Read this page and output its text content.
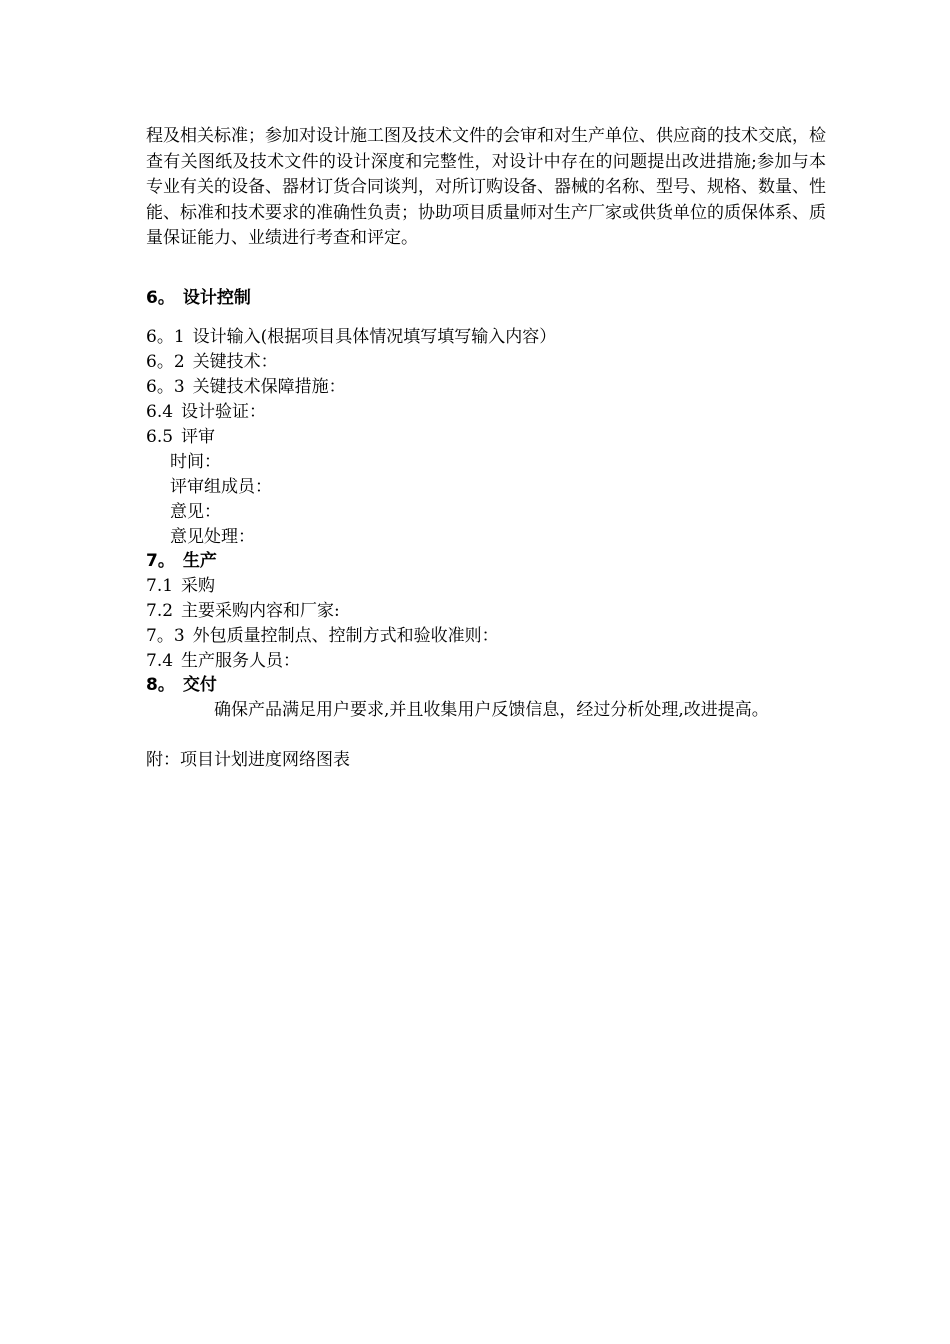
程及相关标准；参加对设计施工图及技术文件的会审和对生产单位、供应商的技术交底，检查有关图纸及技术文件的设计深度和完整性，对设计中存在的问题提出改进措施;参加与本专业有关的设备、器材订货合同谈判，对所订购设备、器械的名称、型号、规格、数量、性能、标准和技术要求的准确性负责；协助项目质量师对生产厂家或供货单位的质保体系、质量保证能力、业绩进行考查和评定。
6。 设计控制
6。1 设计输入(根据项目具体情况填写填写输入内容）
6。2 关键技术：
6。3 关键技术保障措施：
6.4 设计验证：
6.5 评审
时间：
评审组成员：
意见：
意见处理：
7。 生产
7.1 采购
7.2 主要采购内容和厂家:
7。3 外包质量控制点、控制方式和验收准则：
7.4 生产服务人员：
8。 交付
确保产品满足用户要求,并且收集用户反馈信息，经过分析处理,改进提高。
附：项目计划进度网络图表
